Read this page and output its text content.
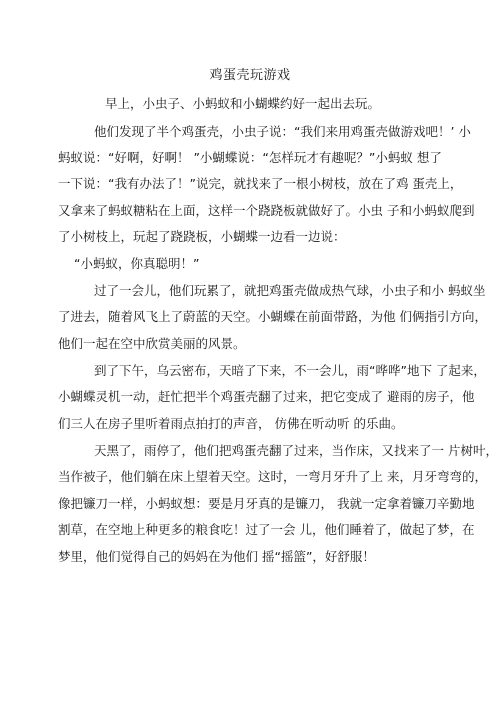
鸡蛋壳玩游戏
早上，小虫子、小蚂蚁和小蝴蝶约好一起出去玩。
他们发现了半个鸡蛋壳，小虫子说：“我们来用鸡蛋壳做游戏吧！’ 小
蚂蚁说：“好啊，好啊！ ”小蝴蝶说：“怎样玩才有趣呢？”小蚂蚁 想了
一下说：“我有办法了！”说完，就找来了一根小树枝，放在了鸡 蛋壳上，
又拿来了蚂蚁糖粘在上面，这样一个跷跷板就做好了。小虫 子和小蚂蚁爬到
了小树枝上，玩起了跷跷板，小蝴蝶一边看一边说：
“小蚂蚁，你真聪明！”
过了一会儿，他们玩累了，就把鸡蛋壳做成热气球，小虫子和小 蚂蚁坐
了进去，随着风飞上了蔚蓝的天空。小蝴蝶在前面带路，为他 们俩指引方向，
他们一起在空中欣赏美丽的风景。
到了下午，乌云密布，天暗了下来，不一会儿，雨“哗哗”地下 了起来，
小蝴蝶灵机一动，赶忙把半个鸡蛋壳翻了过来，把它变成了 避雨的房子，他
们三人在房子里听着雨点拍打的声音， 仿佛在听动听 的乐曲。
天黑了，雨停了，他们把鸡蛋壳翻了过来，当作床，又找来了一 片树叶，
当作被子，他们躺在床上望着天空。这时，一弯月牙升了上 来，月牙弯弯的，
像把镰刀一样，小蚂蚁想：要是月牙真的是镰刀， 我就一定拿着镰刀辛勤地
割草，在空地上种更多的粮食吃！过了一会 儿，他们睡着了，做起了梦，在
梦里，他们觉得自己的妈妈在为他们 摇“摇篮”，好舒服！
